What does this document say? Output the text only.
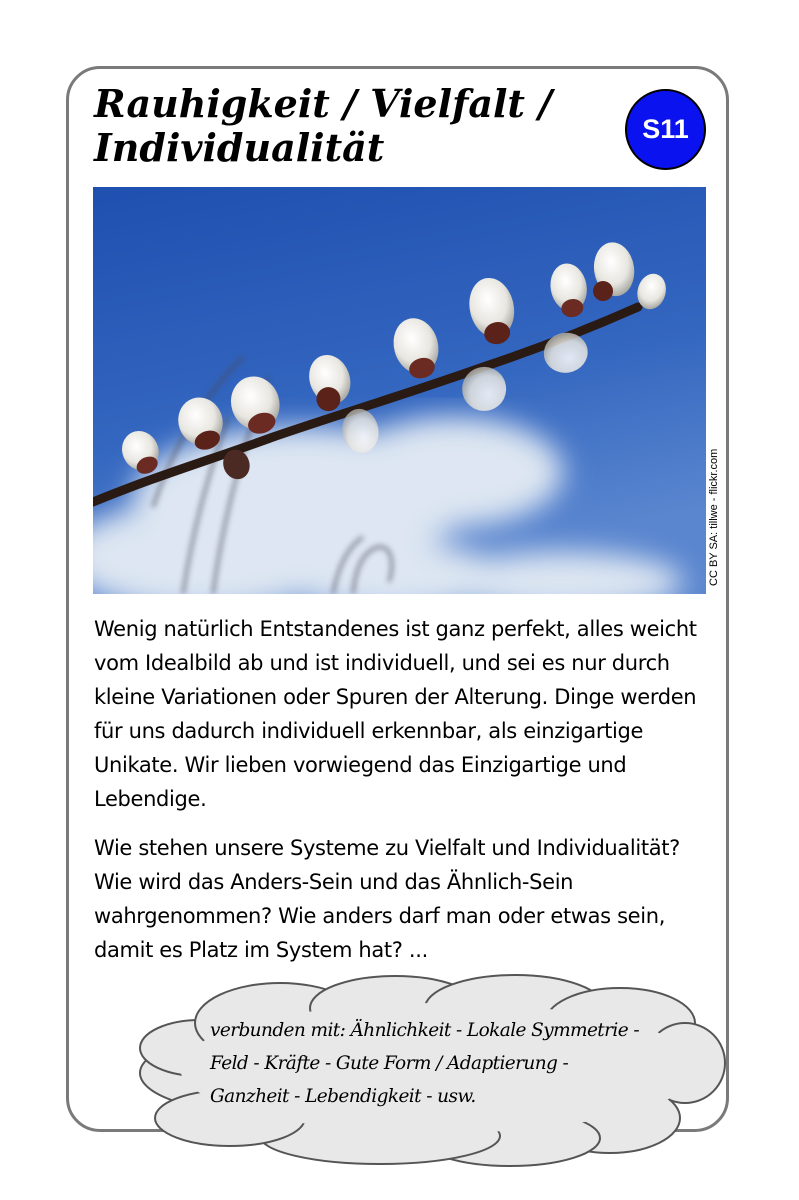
Rauhigkeit / Vielfalt /
Individualität	S11
CC BY SA: tillwe - flickr.com

Wenig natürlich Entstandenes ist ganz perfekt, alles weicht vom Idealbild ab und ist individuell, und sei es nur durch kleine Variationen oder Spuren der Alterung. Dinge werden für uns dadurch individuell erkennbar, als einzigartige Unikate. Wir lieben vorwiegend das Einzigartige und Lebendige.

Wie stehen unsere Systeme zu Vielfalt und Individualität? Wie wird das Anders-Sein und das Ähnlich-Sein wahrgenommen? Wie anders darf man oder etwas sein, damit es Platz im System hat? ...

verbunden mit: Ähnlichkeit - Lokale Symmetrie -
Feld - Kräfte - Gute Form / Adaptierung -
Ganzheit - Lebendigkeit - usw.
